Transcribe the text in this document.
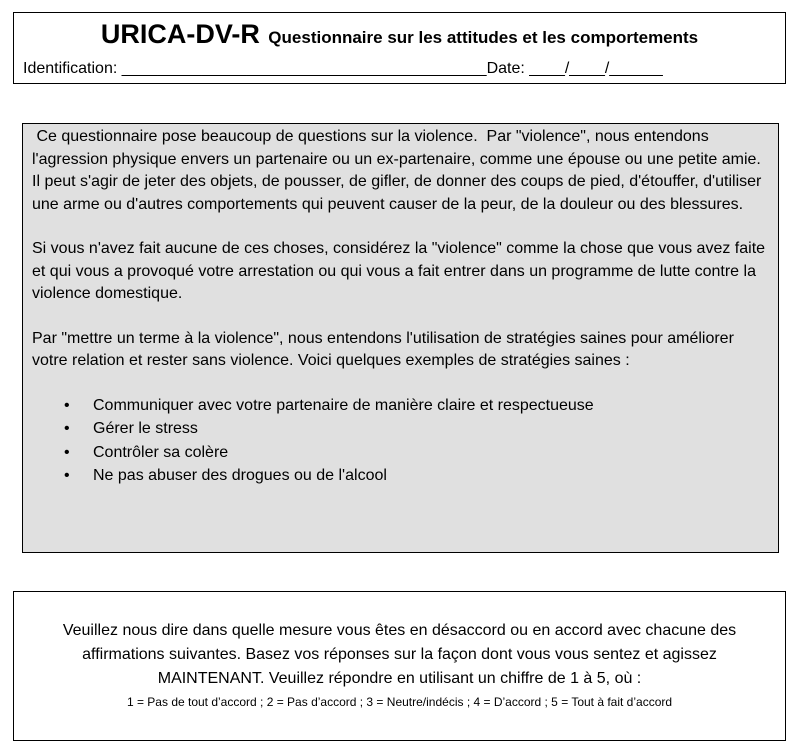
URICA-DV-R Questionnaire sur les attitudes et les comportements
Identification: _________________________________________Date: ____/____/______

Ce questionnaire pose beaucoup de questions sur la violence.  Par "violence", nous entendons l'agression physique envers un partenaire ou un ex-partenaire, comme une épouse ou une petite amie.

Il peut s'agir de jeter des objets, de pousser, de gifler, de donner des coups de pied, d'étouffer, d'utiliser une arme ou d'autres comportements qui peuvent causer de la peur, de la douleur ou des blessures.

Si vous n'avez fait aucune de ces choses, considérez la "violence" comme la chose que vous avez faite et qui vous a provoqué votre arrestation ou qui vous a fait entrer dans un programme de lutte contre la violence domestique.

Par "mettre un terme à la violence", nous entendons l'utilisation de stratégies saines pour améliorer votre relation et rester sans violence. Voici quelques exemples de stratégies saines :

• Communiquer avec votre partenaire de manière claire et respectueuse
• Gérer le stress
• Contrôler sa colère
• Ne pas abuser des drogues ou de l'alcool

Veuillez nous dire dans quelle mesure vous êtes en désaccord ou en accord avec chacune des

affirmations suivantes. Basez vos réponses sur la façon dont vous vous sentez et agissez

MAINTENANT. Veuillez répondre en utilisant un chiffre de 1 à 5, où :

1 = Pas de tout d’accord ; 2 = Pas d’accord ; 3 = Neutre/indécis ; 4 = D’accord ; 5 = Tout à fait d’accord
